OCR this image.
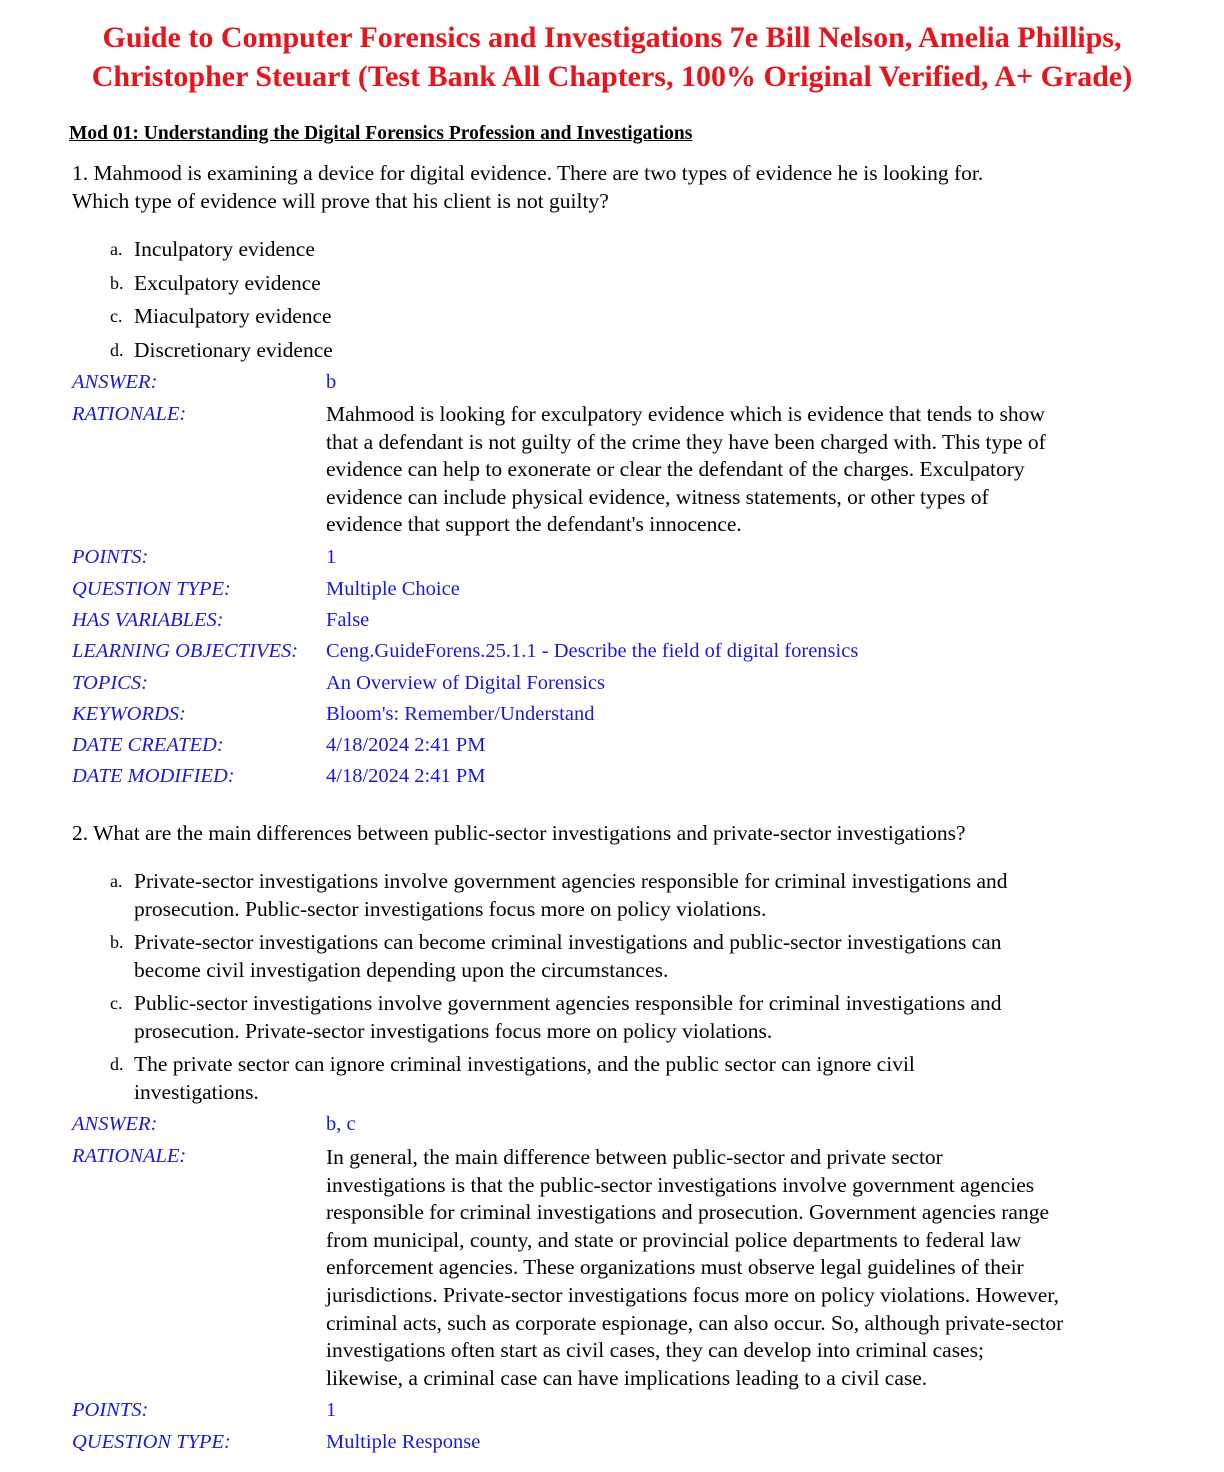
Guide to Computer Forensics and Investigations 7e Bill Nelson, Amelia Phillips,
Christopher Steuart (Test Bank All Chapters, 100% Original Verified, A+ Grade)
Mod 01: Understanding the Digital Forensics Profession and Investigations

1. Mahmood is examining a device for digital evidence. There are two types of evidence he is looking for.
Which type of evidence will prove that his client is not guilty?

a. Inculpatory evidence
b. Exculpatory evidence
c. Miaculpatory evidence
d. Discretionary evidence
ANSWER:	b
RATIONALE:	Mahmood is looking for exculpatory evidence which is evidence that tends to show
that a defendant is not guilty of the crime they have been charged with. This type of
evidence can help to exonerate or clear the defendant of the charges. Exculpatory
evidence can include physical evidence, witness statements, or other types of
evidence that support the defendant's innocence.

POINTS:	1
QUESTION TYPE:	Multiple Choice
HAS VARIABLES:	False
LEARNING OBJECTIVES: Ceng.GuideForens.25.1.1 - Describe the field of digital forensics
TOPICS:	An Overview of Digital Forensics
KEYWORDS:	Bloom's: Remember/Understand
DATE CREATED:	4/18/2024 2:41 PM
DATE MODIFIED:	4/18/2024 2:41 PM

2. What are the main differences between public-sector investigations and private-sector investigations?

a. Private-sector investigations involve government agencies responsible for criminal investigations and
prosecution. Public-sector investigations focus more on policy violations.
b. Private-sector investigations can become criminal investigations and public-sector investigations can
become civil investigation depending upon the circumstances.
c. Public-sector investigations involve government agencies responsible for criminal investigations and
prosecution. Private-sector investigations focus more on policy violations.
d. The private sector can ignore criminal investigations, and the public sector can ignore civil
investigations.
ANSWER:	b, c
RATIONALE:	In general, the main difference between public-sector and private sector
investigations is that the public-sector investigations involve government agencies
responsible for criminal investigations and prosecution. Government agencies range
from municipal, county, and state or provincial police departments to federal law
enforcement agencies. These organizations must observe legal guidelines of their
jurisdictions. Private-sector investigations focus more on policy violations. However,
criminal acts, such as corporate espionage, can also occur. So, although private-sector
investigations often start as civil cases, they can develop into criminal cases;
likewise, a criminal case can have implications leading to a civil case.

POINTS:	1
QUESTION TYPE:	Multiple Response
